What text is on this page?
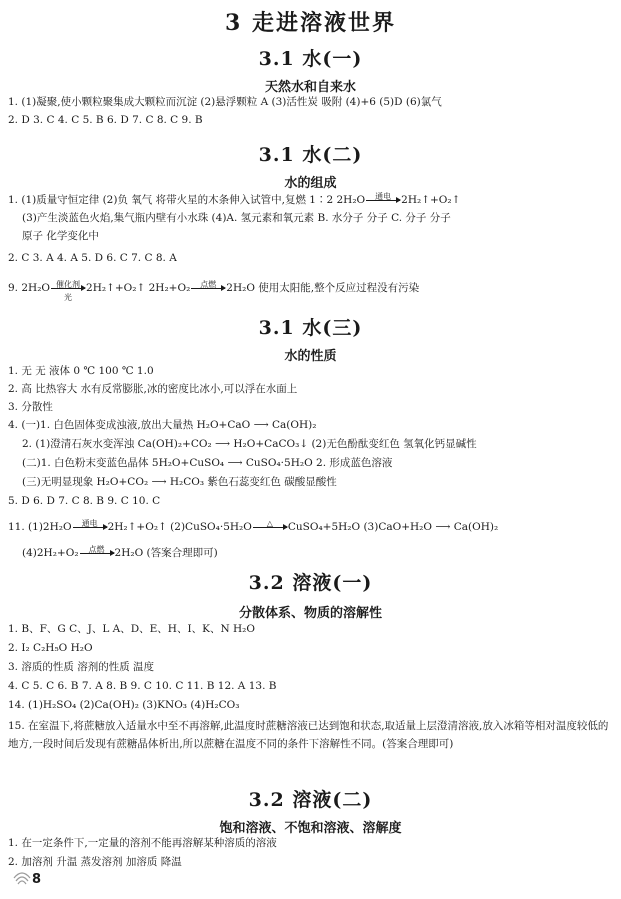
3 走进溶液世界
3.1 水(一)
天然水和自来水
1. (1)凝聚,使小颗粒聚集成大颗粒而沉淀 (2)悬浮颗粒 A (3)活性炭 吸附 (4)+6 (5)D (6)氯气
2. D 3. C 4. C 5. B 6. D 7. C 8. C 9. B
3.1 水(二)
水的组成
1. (1)质量守恒定律 (2)负 氧气 将带火星的木条伸入试管中,复燃 1∶2 2H₂O	通电 2H₂↑+O₂↑
(3)产生淡蓝色火焰,集气瓶内壁有小水珠 (4)A. 氢元素和氧元素 B. 水分子 分子 C. 分子 分子
原子 化学变化中
2. C 3. A 4. A 5. D 6. C 7. C 8. A
9. 2H₂O 催化剂
光
2H₂↑+O₂↑ 2H₂+O₂	点燃 2H₂O 使用太阳能,整个反应过程没有污染
3.1 水(三)
水的性质
1. 无 无 液体 0 ℃ 100 ℃ 1.0
2. 高 比热容大 水有反常膨胀,冰的密度比冰小,可以浮在水面上
3. 分散性
4. (一)1. 白色固体变成浊液,放出大量热 H₂O+CaO ⟶ Ca(OH)₂
2. (1)澄清石灰水变浑浊 Ca(OH)₂+CO₂ ⟶ H₂O+CaCO₃↓ (2)无色酚酞变红色 氢氧化钙显碱性
(二)1. 白色粉末变蓝色晶体 5H₂O+CuSO₄ ⟶ CuSO₄·5H₂O 2. 形成蓝色溶液
(三)无明显现象 H₂O+CO₂ ⟶ H₂CO₃ 紫色石蕊变红色 碳酸显酸性
5. D 6. D 7. C 8. B 9. C 10. C
11. (1)2H₂O	通电 2H₂↑+O₂↑ (2)CuSO₄·5H₂O	△	CuSO₄+5H₂O (3)CaO+H₂O ⟶ Ca(OH)₂
(4)2H₂+O₂	点燃 2H₂O (答案合理即可)
3.2 溶液(一)
分散体系、物质的溶解性
1. B、F、G C、J、L A、D、E、H、I、K、N H₂O
2. I₂ C₂H₅O H₂O
3. 溶质的性质 溶剂的性质 温度
4. C 5. C 6. B 7. A 8. B 9. C 10. C 11. B 12. A 13. B
14. (1)H₂SO₄ (2)Ca(OH)₂ (3)KNO₃ (4)H₂CO₃
15. 在室温下,将蔗糖放入适量水中至不再溶解,此温度时蔗糖溶液已达到饱和状态,取适量上层澄清溶液,放入冰箱等相对温度较低的地方,一段时间后发现有蔗糖晶体析出,所以蔗糖在温度不同的条件下溶解性不同。(答案合理即可)
3.2 溶液(二)
饱和溶液、不饱和溶液、溶解度
1. 在一定条件下,一定量的溶剂不能再溶解某种溶质的溶液
2. 加溶剂 升温 蒸发溶剂 加溶质 降温
8
